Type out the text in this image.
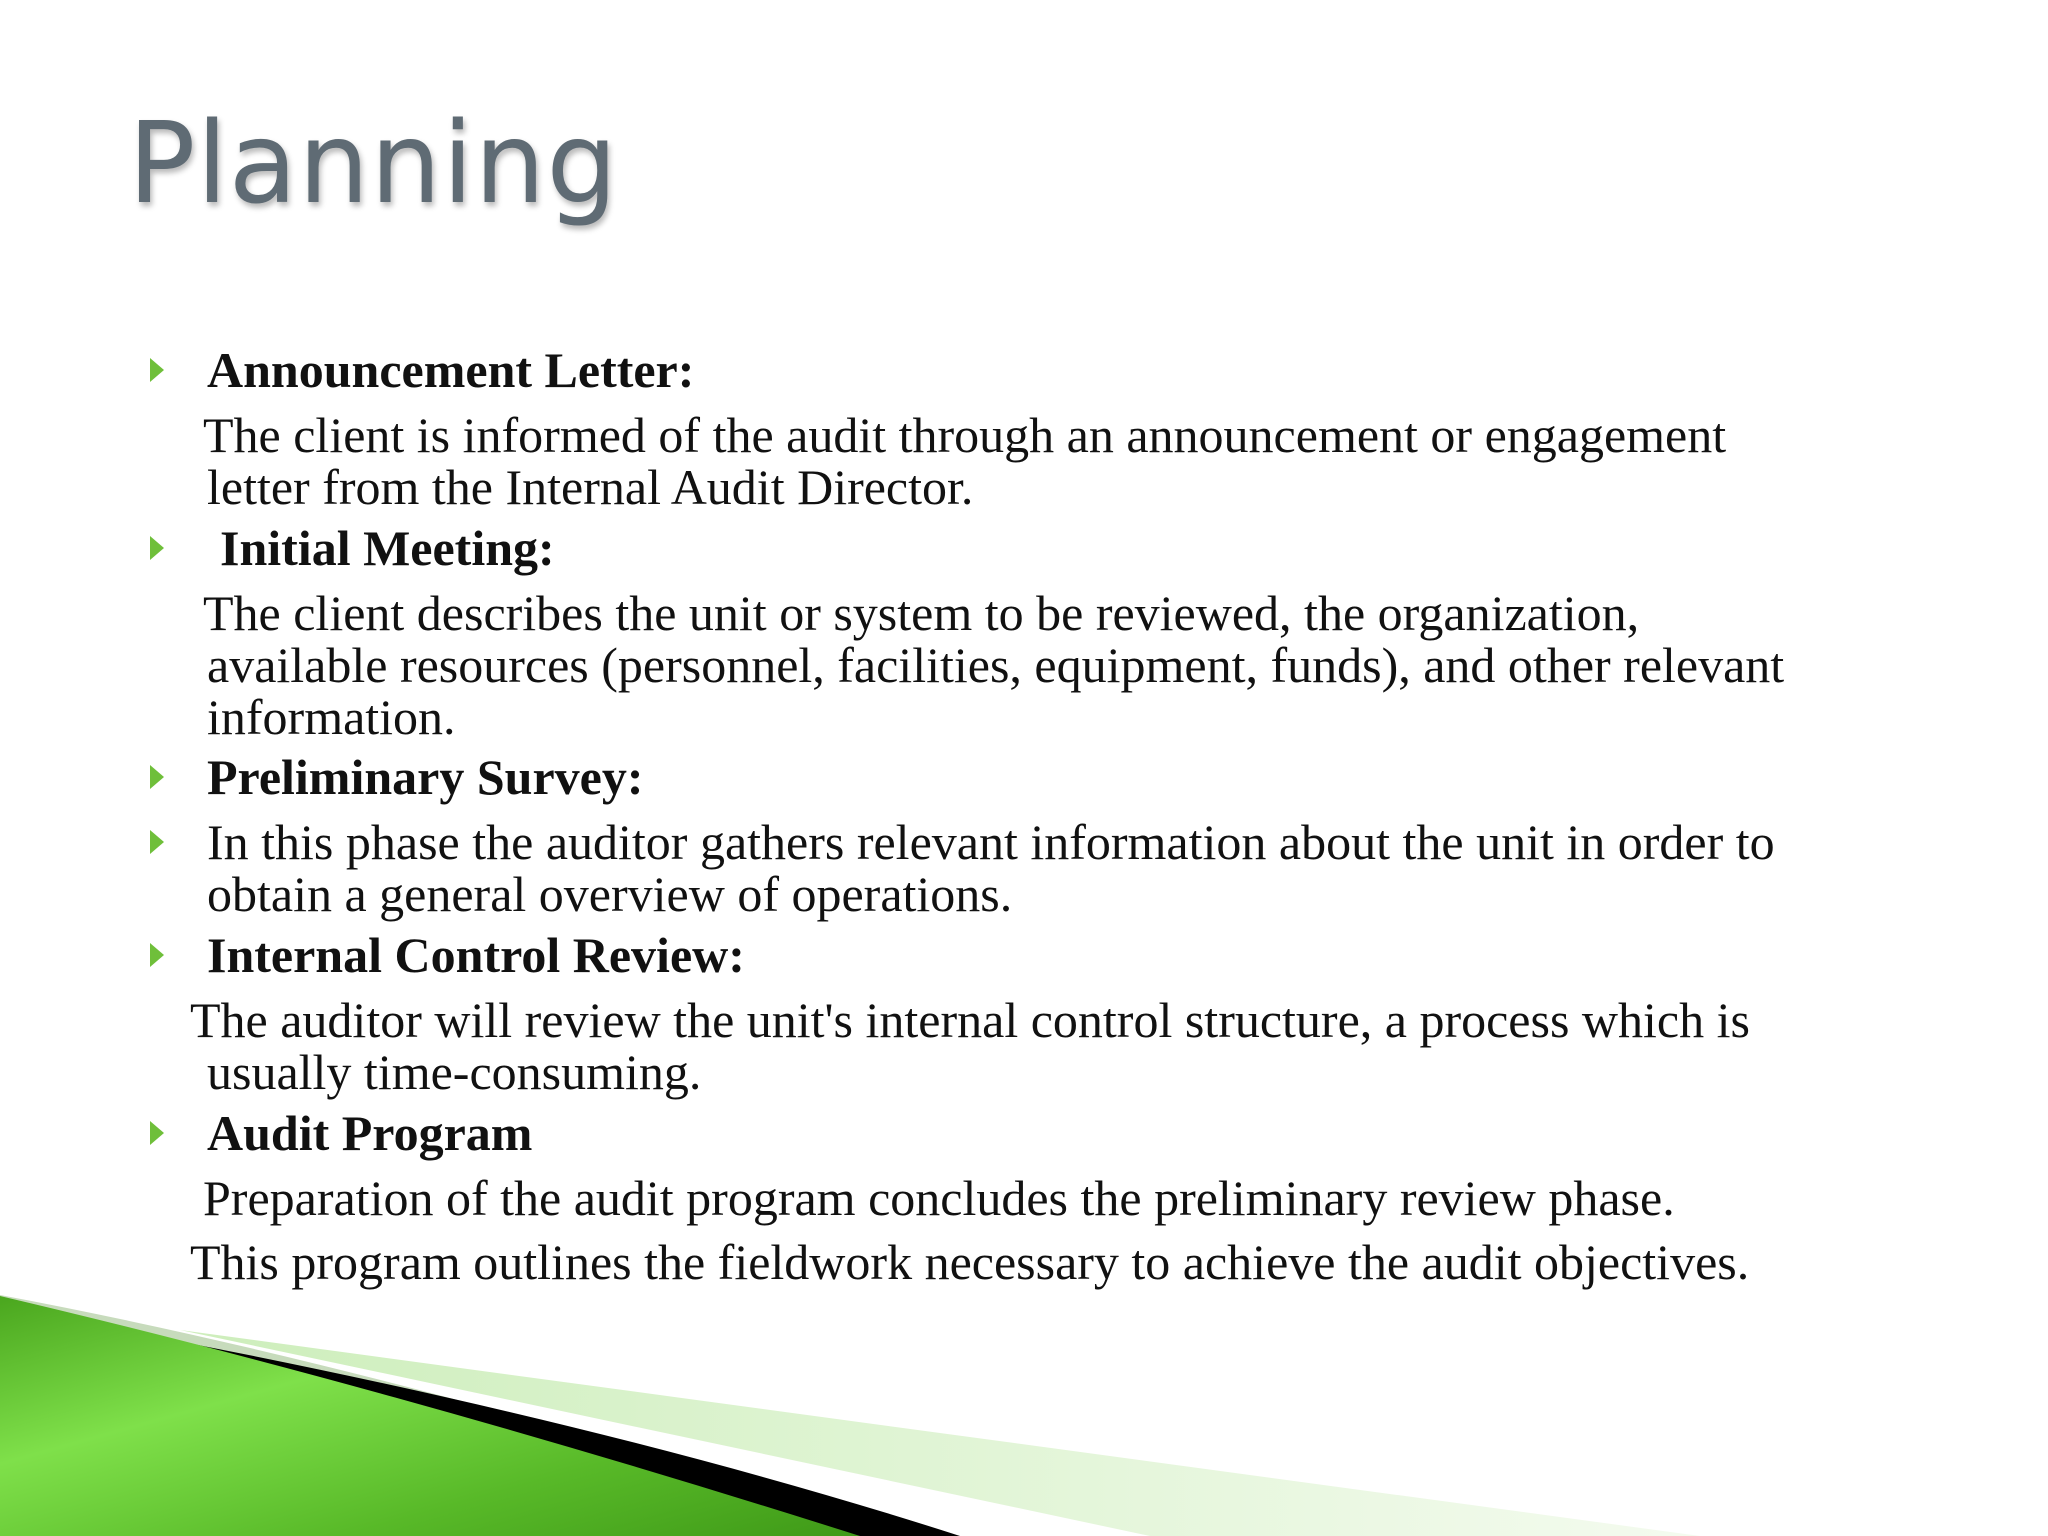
Planning
Announcement Letter:
The client is informed of the audit through an announcement or engagement
letter from the Internal Audit Director.
Initial Meeting:
The client describes the unit or system to be reviewed, the organization,
available resources (personnel, facilities, equipment, funds), and other relevant
information.
Preliminary Survey:
In this phase the auditor gathers relevant information about the unit in order to
obtain a general overview of operations.
Internal Control Review:
The auditor will review the unit's internal control structure, a process which is
usually time-consuming.
Audit Program
Preparation of the audit program concludes the preliminary review phase.
This program outlines the fieldwork necessary to achieve the audit objectives.
